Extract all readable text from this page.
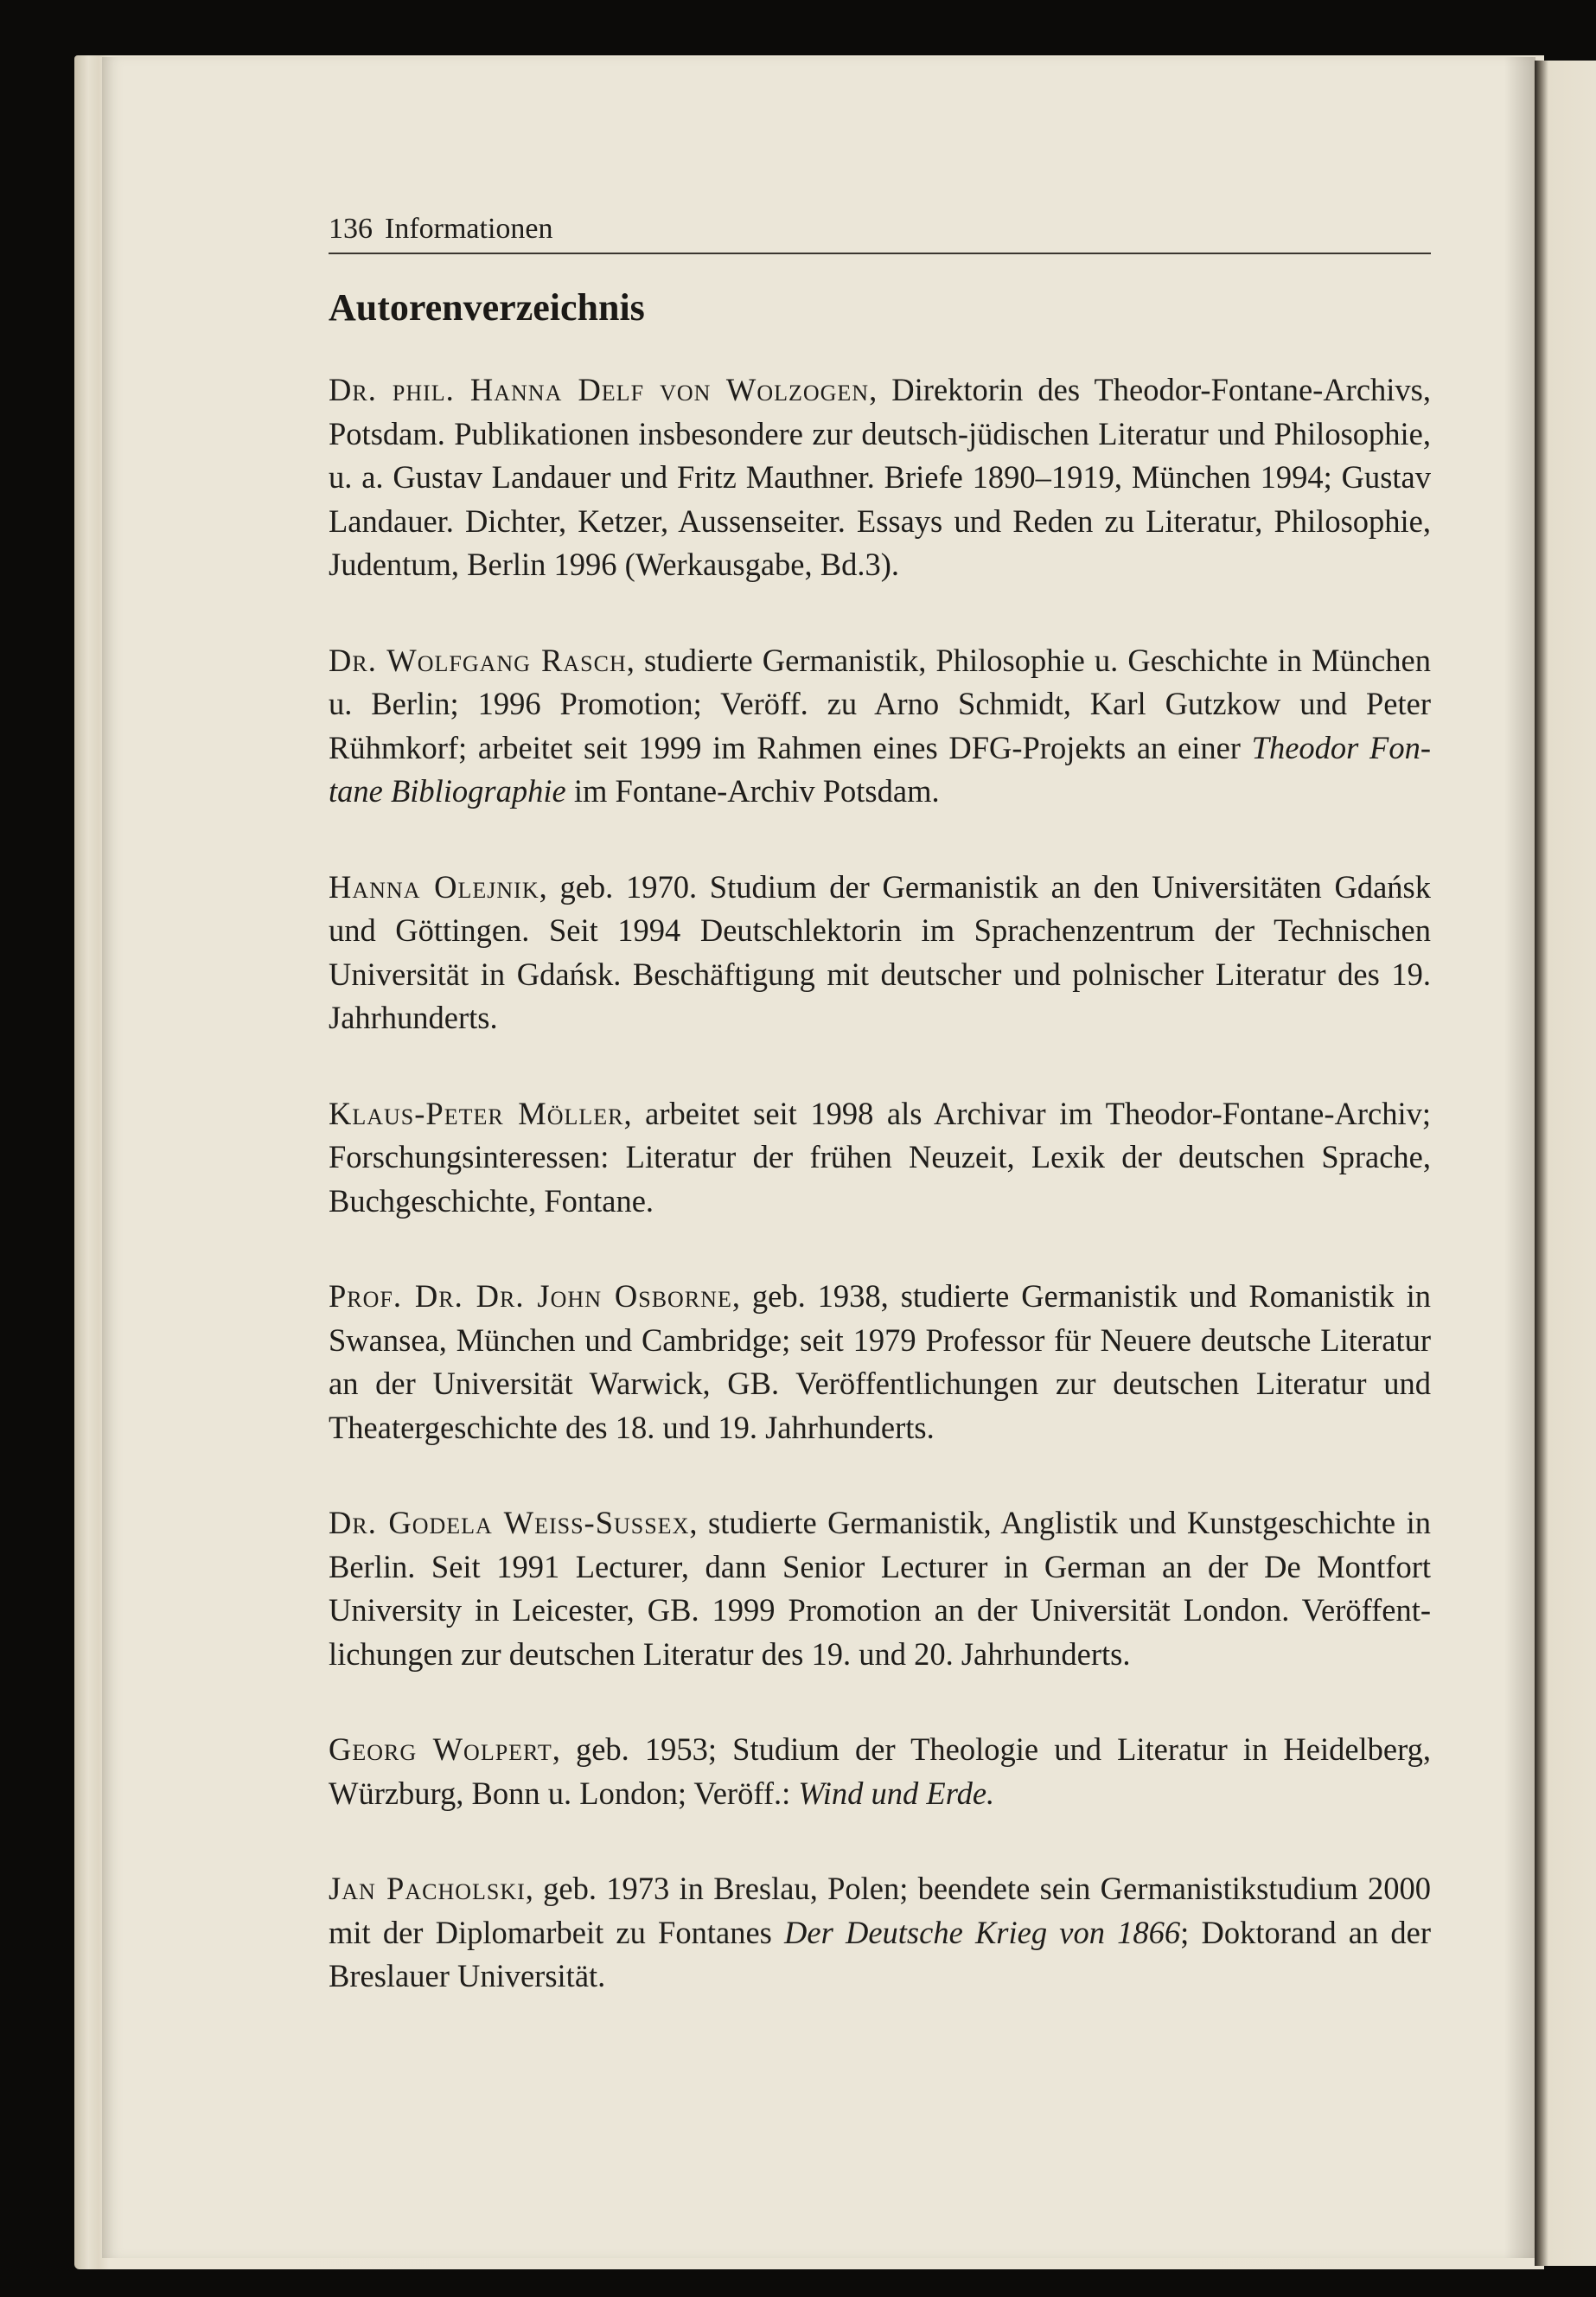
136 Informationen
Autorenverzeichnis

Dr. phil. Hanna Delf von Wolzogen, Direktorin des Theodor-Fontane-Archivs, Potsdam. Publikationen insbesondere zur deutsch-jüdischen Literatur und Philosophie, u. a. Gustav Landauer und Fritz Mauthner. Briefe 1890–1919, München 1994; Gustav Landauer. Dichter, Ketzer, Aussenseiter. Essays und Reden zu Literatur, Philosophie, Judentum, Berlin 1996 (Werkausgabe, Bd.3).

Dr. Wolfgang Rasch, studierte Germanistik, Philosophie u. Geschichte in München u. Berlin; 1996 Promotion; Veröff. zu Arno Schmidt, Karl Gutzkow und Peter Rühmkorf; arbeitet seit 1999 im Rahmen eines DFG-Projekts an einer Theodor Fontane Bibliographie im Fontane-Archiv Potsdam.

Hanna Olejnik, geb. 1970. Studium der Germanistik an den Universitäten Gdańsk und Göttingen. Seit 1994 Deutschlektorin im Sprachenzentrum der Technischen Universität in Gdańsk. Beschäftigung mit deutscher und polnischer Literatur des 19. Jahrhunderts.

Klaus-Peter Möller, arbeitet seit 1998 als Archivar im Theodor-Fontane-Archiv; Forschungsinteressen: Literatur der frühen Neuzeit, Lexik der deutschen Sprache, Buchgeschichte, Fontane.

Prof. Dr. Dr. John Osborne, geb. 1938, studierte Germanistik und Romanistik in Swansea, München und Cambridge; seit 1979 Professor für Neuere deutsche Literatur an der Universität Warwick, GB. Veröffentlichungen zur deutschen Literatur und Theatergeschichte des 18. und 19. Jahrhunderts.

Dr. Godela Weiss-Sussex, studierte Germanistik, Anglistik und Kunstgeschichte in Berlin. Seit 1991 Lecturer, dann Senior Lecturer in German an der De Montfort University in Leicester, GB. 1999 Promotion an der Universität London. Veröffentlichungen zur deutschen Literatur des 19. und 20. Jahrhunderts.

Georg Wolpert, geb. 1953; Studium der Theologie und Literatur in Heidelberg, Würzburg, Bonn u. London; Veröff.: Wind und Erde.

Jan Pacholski, geb. 1973 in Breslau, Polen; beendete sein Germanistikstudium 2000 mit der Diplomarbeit zu Fontanes Der Deutsche Krieg von 1866; Doktorand an der Breslauer Universität.
